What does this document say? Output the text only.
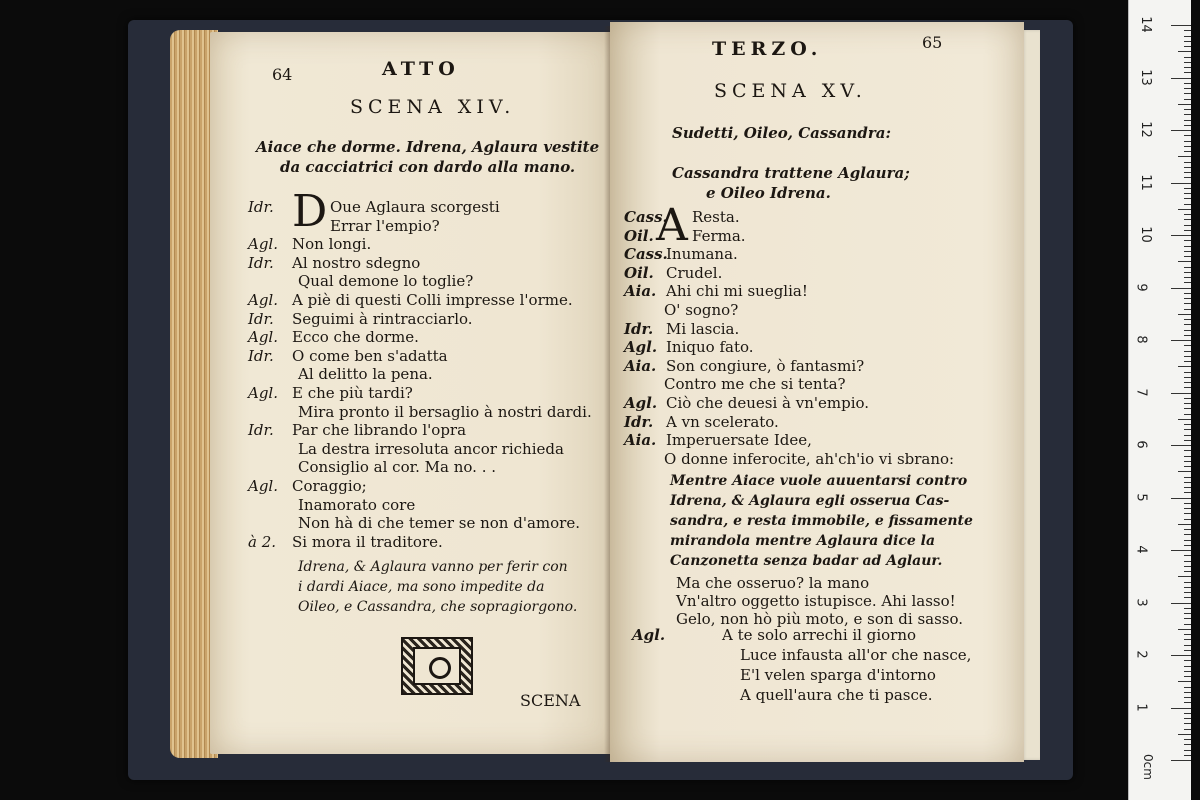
64	ATTO
SCENA XIV.
Aiace che dorme. Idrena, Aglaura vestite
da cacciatrici con dardo alla mano.
D
Idr.	Oue Aglaura scorgesti
Errar l'empio?
Agl. Non longi.
Idr. Al nostro sdegno
Qual demone lo toglie?
Agl. A piè di questi Colli impresse l'orme.
Idr. Seguimi à rintracciarlo.
Agl. Ecco che dorme.
Idr. O come ben s'adatta
Al delitto la pena.
Agl. E che più tardi?
Mira pronto il bersaglio à nostri dardi.
Idr. Par che librando l'opra
La destra irresoluta ancor richieda
Consiglio al cor. Ma no. . .
Agl. Coraggio;
Inamorato core
Non hà di che temer se non d'amore.
à 2. Si mora il traditore.
Idrena, & Aglaura vanno per ferir con
i dardi Aiace, ma sono impedite da
Oileo, e Cassandra, che sopragiorgono.
SCENA
TERZO.	65
SCENA XV.
Sudetti, Oileo, Cassandra:
Cassandra trattene Aglaura;
e Oileo Idrena.
A
Cass. Resta.
Oil.	Ferma.
Cass.
Inumana.
Oil. Crudel.
Aia. Ahi chi mi sueglia!
O' sogno?
Idr. Mi lascia.
Agl. Iniquo fato.
Aia. Son congiure, ò fantasmi?
Contro me che si tenta?
Agl. Ciò che deuesi à vn'empio.
Idr. A vn scelerato.
Aia. Imperuersate Idee,
O donne inferocite, ah'ch'io vi sbrano:
Mentre Aiace vuole auuentarsi contro
Idrena, & Aglaura egli osserua Cas-
sandra, e resta immobile, e fissamente
mirandola mentre Aglaura dice la
Canzonetta senza badar ad Aglaur.
Ma che osseruo? la mano
Vn'altro oggetto istupisce. Ahi lasso!
Gelo, non hò più moto, e son di sasso.
Agl.	A te solo arrechi il giorno
Luce infausta all'or che nasce,
E'l velen sparga d'intorno
A quell'aura che ti pasce.
1
2
3
4
5
6
7
8
9
10
11
12
13
14
0cm
